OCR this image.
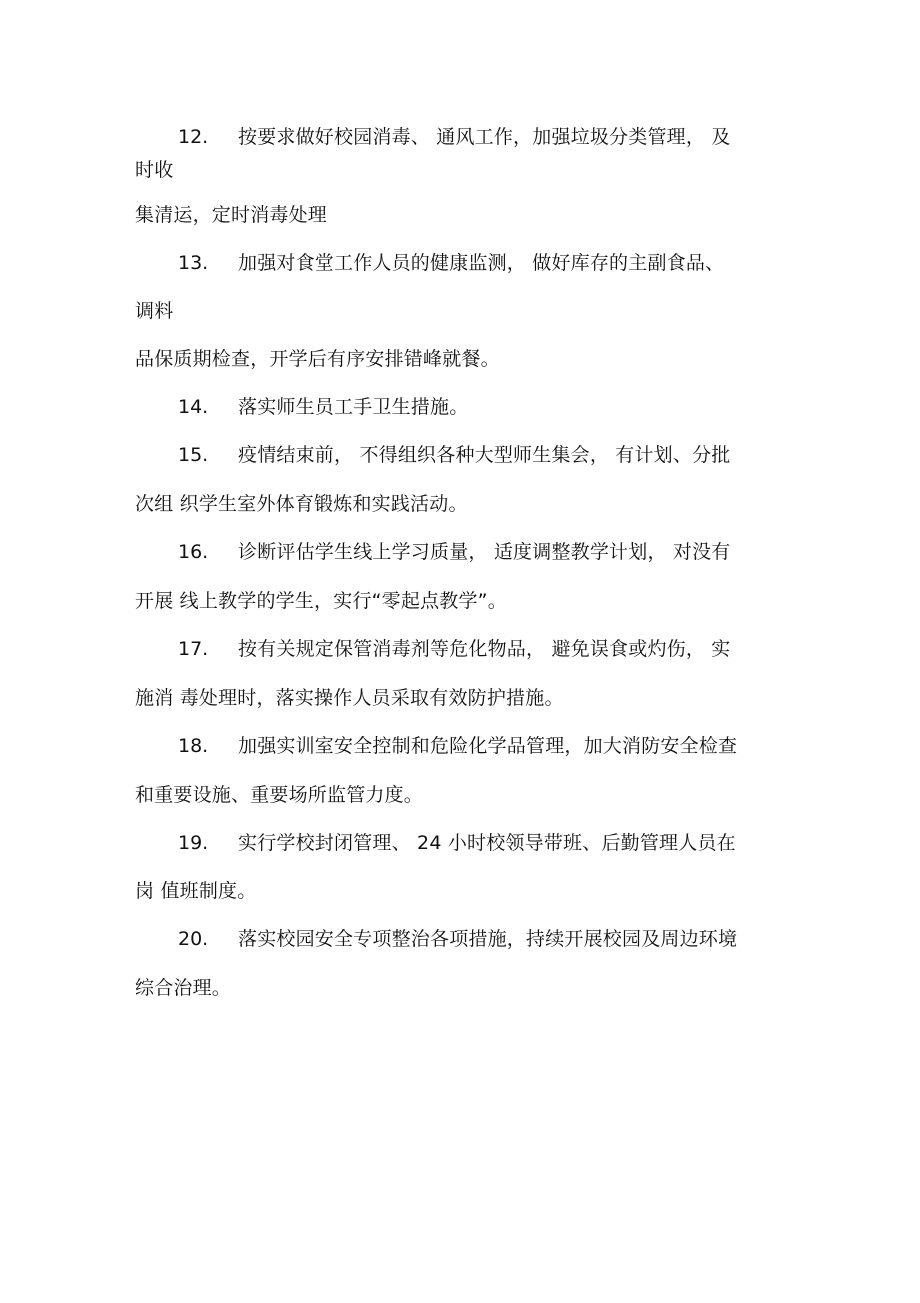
12. 按要求做好校园消毒、 通风工作，加强垃圾分类管理， 及
时收
集清运，定时消毒处理
13. 加强对食堂工作人员的健康监测， 做好库存的主副食品、
调料
品保质期检查，开学后有序安排错峰就餐。
14. 落实师生员工手卫生措施。
15. 疫情结束前， 不得组织各种大型师生集会， 有计划、分批
次组 织学生室外体育锻炼和实践活动。
16. 诊断评估学生线上学习质量， 适度调整教学计划， 对没有
开展 线上教学的学生，实行“零起点教学”。
17. 按有关规定保管消毒剂等危化物品， 避免误食或灼伤， 实
施消 毒处理时，落实操作人员采取有效防护措施。
18. 加强实训室安全控制和危险化学品管理，加大消防安全检查
和重要设施、重要场所监管力度。
19. 实行学校封闭管理、 24 小时校领导带班、后勤管理人员在
岗 值班制度。
20. 落实校园安全专项整治各项措施，持续开展校园及周边环境
综合治理。
